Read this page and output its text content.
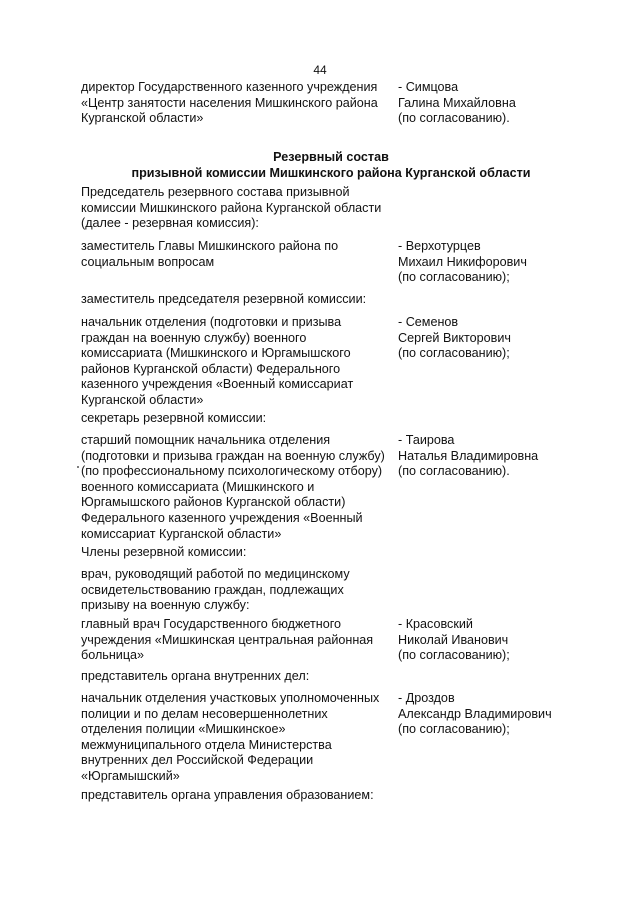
44
директор Государственного казенного учреждения
«Центр занятости населения Мишкинского района
Курганской области»
- Симцова
Галина Михайловна
(по согласованию).
Резервный состав
призывной комиссии Мишкинского района Курганской области
Председатель резервного состава призывной
комиссии Мишкинского района Курганской области
(далее - резервная комиссия):
заместитель Главы Мишкинского района по
социальным вопросам
- Верхотурцев
Михаил Никифорович
(по согласованию);
заместитель председателя резервной комиссии:
начальник отделения (подготовки и призыва
граждан на военную службу) военного
комиссариата (Мишкинского и Юргамышского
районов Курганской области) Федерального
казенного учреждения «Военный комиссариат
Курганской области»
- Семенов
Сергей Викторович
(по согласованию);
секретарь резервной комиссии:
старший помощник начальника отделения
(подготовки и призыва граждан на военную службу)
(по профессиональному психологическому отбору)
военного комиссариата (Мишкинского и
Юргамышского районов Курганской области)
Федерального казенного учреждения «Военный
комиссариат Курганской области»
- Таирова
Наталья Владимировна
(по согласованию).
Члены резервной комиссии:
врач, руководящий работой по медицинскому
освидетельствованию граждан, подлежащих
призыву на военную службу:
главный врач Государственного бюджетного
учреждения «Мишкинская центральная районная
больница»
- Красовский
Николай Иванович
(по согласованию);
представитель органа внутренних дел:
начальник отделения участковых уполномоченных
полиции и по делам несовершеннолетних
отделения полиции «Мишкинское»
межмуниципального отдела Министерства
внутренних дел Российской Федерации
«Юргамышский»
- Дроздов
Александр Владимирович
(по согласованию);
представитель органа управления образованием:
